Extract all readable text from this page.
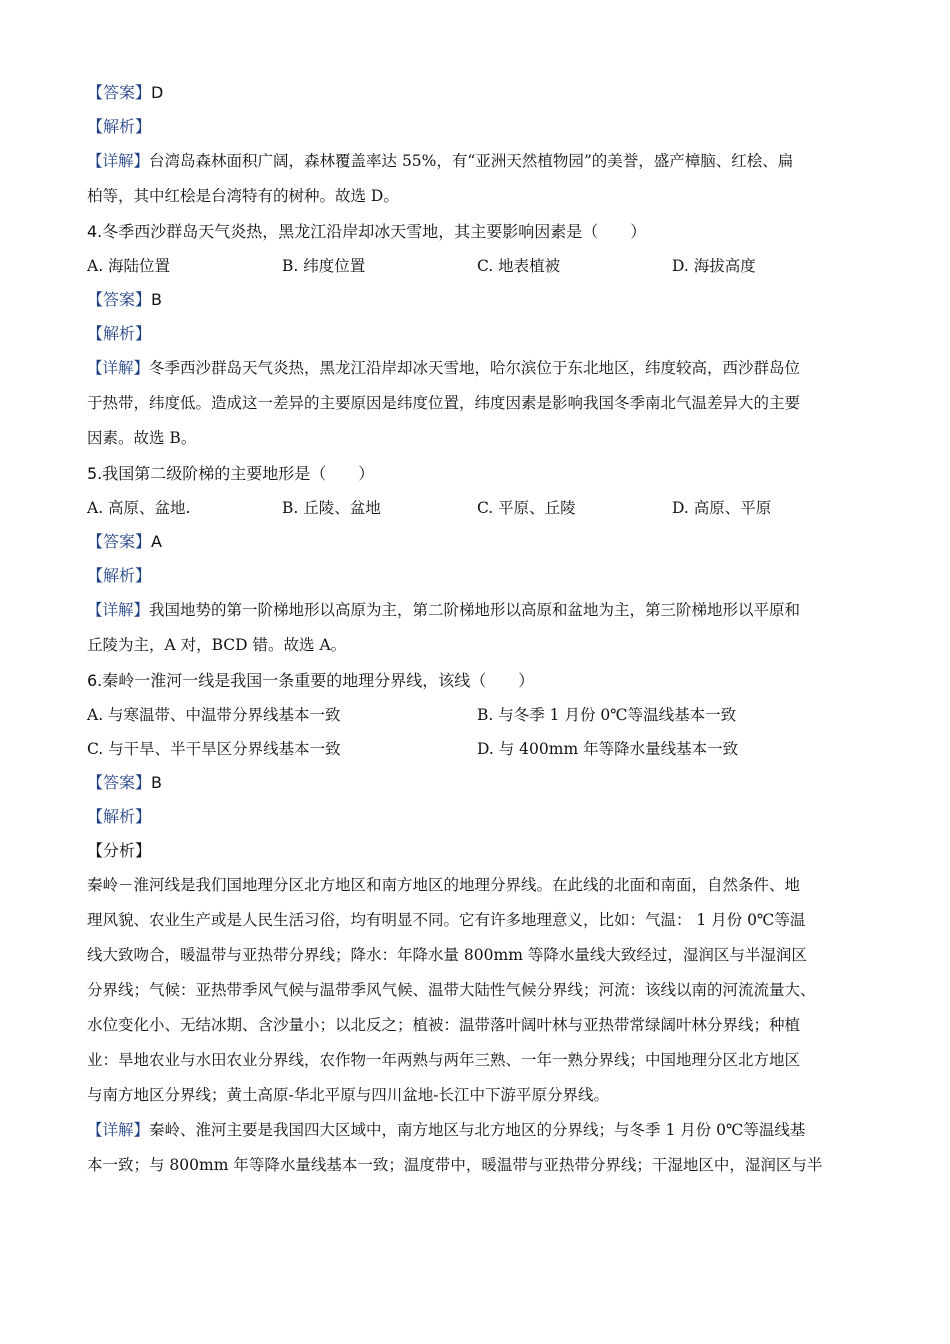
【答案】D
【解析】
【详解】台湾岛森林面积广阔，森林覆盖率达 55%，有“亚洲天然植物园”的美誉，盛产樟脑、红桧、扁
柏等，其中红桧是台湾特有的树种。故选 D。
4.冬季西沙群岛天气炎热，黑龙江沿岸却冰天雪地，其主要影响因素是（　　）
A. 海陆位置	B. 纬度位置	C. 地表植被	D. 海拔高度
【答案】B
【解析】
【详解】冬季西沙群岛天气炎热，黑龙江沿岸却冰天雪地，哈尔滨位于东北地区，纬度较高，西沙群岛位
于热带，纬度低。造成这一差异的主要原因是纬度位置，纬度因素是影响我国冬季南北气温差异大的主要
因素。故选 B。
5.我国第二级阶梯的主要地形是（　　）
A. 高原、盆地.	B. 丘陵、盆地	C. 平原、丘陵	D. 高原、平原
【答案】A
【解析】
【详解】我国地势的第一阶梯地形以高原为主，第二阶梯地形以高原和盆地为主，第三阶梯地形以平原和
丘陵为主，A 对，BCD 错。故选 A。
6.秦岭一淮河一线是我国一条重要的地理分界线，该线（　　）
A. 与寒温带、中温带分界线基本一致	B. 与冬季 1 月份 0℃等温线基本一致
C. 与干旱、半干旱区分界线基本一致	D. 与 400mm 年等降水量线基本一致
【答案】B
【解析】
【分析】
秦岭－淮河线是我们国地理分区北方地区和南方地区的地理分界线。在此线的北面和南面，自然条件、地
理风貌、农业生产或是人民生活习俗，均有明显不同。它有许多地理意义，比如：气温： 1 月份 0℃等温
线大致吻合，暖温带与亚热带分界线；降水：年降水量 800mm 等降水量线大致经过，湿润区与半湿润区
分界线；气候：亚热带季风气候与温带季风气候、温带大陆性气候分界线；河流：该线以南的河流流量大、
水位变化小、无结冰期、含沙量小；以北反之；植被：温带落叶阔叶林与亚热带常绿阔叶林分界线；种植
业：旱地农业与水田农业分界线，农作物一年两熟与两年三熟、一年一熟分界线；中国地理分区北方地区
与南方地区分界线；黄土高原-华北平原与四川盆地-长江中下游平原分界线。
【详解】秦岭、淮河主要是我国四大区域中，南方地区与北方地区的分界线；与冬季 1 月份 0℃等温线基
本一致；与 800mm 年等降水量线基本一致；温度带中，暖温带与亚热带分界线；干湿地区中，湿润区与半
